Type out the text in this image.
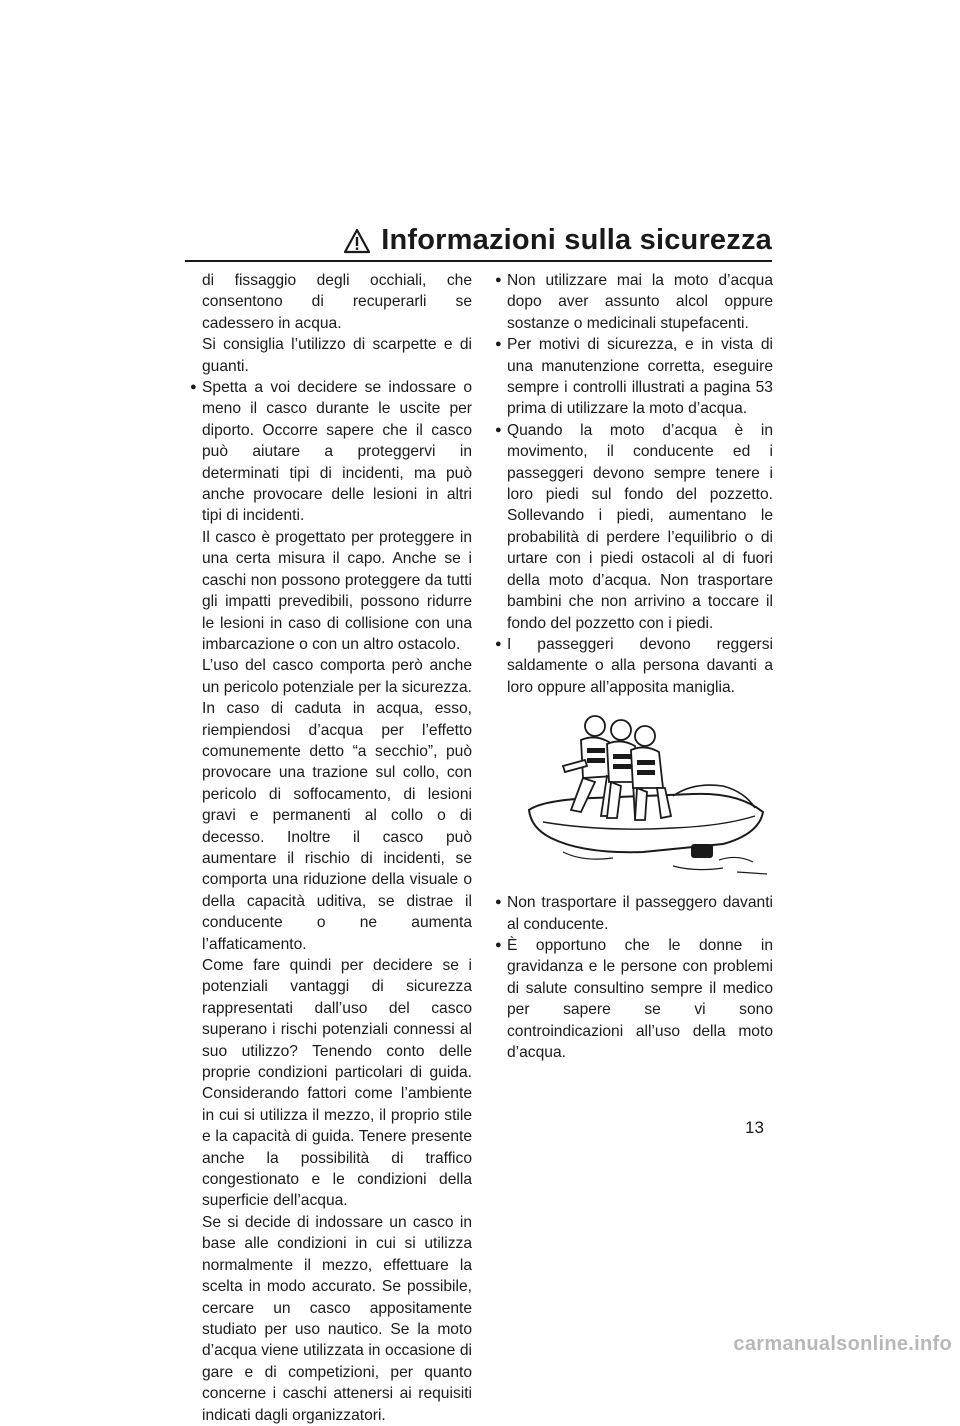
Informazioni sulla sicurezza
di fissaggio degli occhiali, che consentono di recuperarli se cadessero in acqua.
Si consiglia l’utilizzo di scarpette e di guanti.
● Spetta a voi decidere se indossare o meno il casco durante le uscite per diporto. Occorre sapere che il casco può aiutare a proteggervi in determinati tipi di incidenti, ma può anche provocare delle lesioni in altri tipi di incidenti.
Il casco è progettato per proteggere in una certa misura il capo. Anche se i caschi non possono proteggere da tutti gli impatti prevedibili, possono ridurre le lesioni in caso di collisione con una imbarcazione o con un altro ostacolo.
L’uso del casco comporta però anche un pericolo potenziale per la sicurezza. In caso di caduta in acqua, esso, riempiendosi d’acqua per l’effetto comunemente detto “a secchio”, può provocare una trazione sul collo, con pericolo di soffocamento, di lesioni gravi e permanenti al collo o di decesso. Inoltre il casco può aumentare il rischio di incidenti, se comporta una riduzione della visuale o della capacità uditiva, se distrae il conducente o ne aumenta l’affaticamento.
Come fare quindi per decidere se i potenziali vantaggi di sicurezza rappresentati dall’uso del casco superano i rischi potenziali connessi al suo utilizzo? Tenendo conto delle proprie condizioni particolari di guida. Considerando fattori come l’ambiente in cui si utilizza il mezzo, il proprio stile e la capacità di guida. Tenere presente anche la possibilità di traffico congestionato e le condizioni della superficie dell’acqua.
Se si decide di indossare un casco in base alle condizioni in cui si utilizza normalmente il mezzo, effettuare la scelta in modo accurato. Se possibile, cercare un casco appositamente studiato per uso nautico. Se la moto d’acqua viene utilizzata in occasione di gare e di competizioni, per quanto concerne i caschi attenersi ai requisiti indicati dagli organizzatori.
● Non utilizzare mai la moto d’acqua dopo aver assunto alcol oppure sostanze o medicinali stupefacenti.
● Per motivi di sicurezza, e in vista di una manutenzione corretta, eseguire sempre i controlli illustrati a pagina 53 prima di utilizzare la moto d’acqua.
● Quando la moto d’acqua è in movimento, il conducente ed i passeggeri devono sempre tenere i loro piedi sul fondo del pozzetto. Sollevando i piedi, aumentano le probabilità di perdere l’equilibrio o di urtare con i piedi ostacoli al di fuori della moto d’acqua. Non trasportare bambini che non arrivino a toccare il fondo del pozzetto con i piedi.
● I passeggeri devono reggersi saldamente o alla persona davanti a loro oppure all’apposita maniglia.
● Non trasportare il passeggero davanti al conducente.
● È opportuno che le donne in gravidanza e le persone con problemi di salute consultino sempre il medico per sapere se vi sono controindicazioni all’uso della moto d’acqua.
13
carmanualsonline.info
